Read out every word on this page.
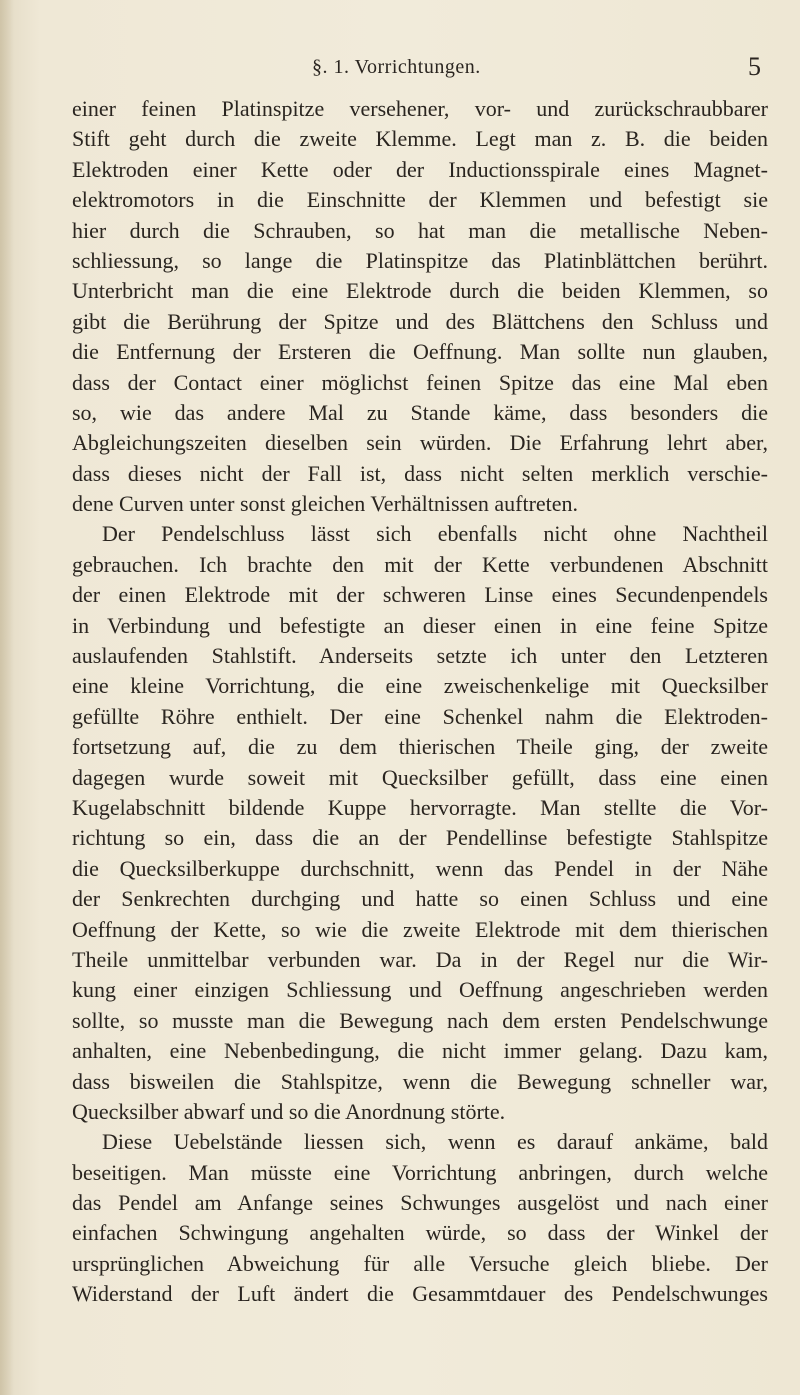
§. 1. Vorrichtungen.	5
einer feinen Platinspitze versehener, vor- und zurückschraubbarer
Stift geht durch die zweite Klemme. Legt man z. B. die beiden
Elektroden einer Kette oder der Inductionsspirale eines Magnet-
elektromotors in die Einschnitte der Klemmen und befestigt sie
hier durch die Schrauben, so hat man die metallische Neben-
schliessung, so lange die Platinspitze das Platinblättchen berührt.
Unterbricht man die eine Elektrode durch die beiden Klemmen, so
gibt die Berührung der Spitze und des Blättchens den Schluss und
die Entfernung der Ersteren die Oeffnung. Man sollte nun glauben,
dass der Contact einer möglichst feinen Spitze das eine Mal eben
so, wie das andere Mal zu Stande käme, dass besonders die
Abgleichungszeiten dieselben sein würden. Die Erfahrung lehrt aber,
dass dieses nicht der Fall ist, dass nicht selten merklich verschie-
dene Curven unter sonst gleichen Verhältnissen auftreten.
Der Pendelschluss lässt sich ebenfalls nicht ohne Nachtheil
gebrauchen. Ich brachte den mit der Kette verbundenen Abschnitt
der einen Elektrode mit der schweren Linse eines Secundenpendels
in Verbindung und befestigte an dieser einen in eine feine Spitze
auslaufenden Stahlstift. Anderseits setzte ich unter den Letzteren
eine kleine Vorrichtung, die eine zweischenkelige mit Quecksilber
gefüllte Röhre enthielt. Der eine Schenkel nahm die Elektroden-
fortsetzung auf, die zu dem thierischen Theile ging, der zweite
dagegen wurde soweit mit Quecksilber gefüllt, dass eine einen
Kugelabschnitt bildende Kuppe hervorragte. Man stellte die Vor-
richtung so ein, dass die an der Pendellinse befestigte Stahlspitze
die Quecksilberkuppe durchschnitt, wenn das Pendel in der Nähe
der Senkrechten durchging und hatte so einen Schluss und eine
Oeffnung der Kette, so wie die zweite Elektrode mit dem thierischen
Theile unmittelbar verbunden war. Da in der Regel nur die Wir-
kung einer einzigen Schliessung und Oeffnung angeschrieben werden
sollte, so musste man die Bewegung nach dem ersten Pendelschwunge
anhalten, eine Nebenbedingung, die nicht immer gelang. Dazu kam,
dass bisweilen die Stahlspitze, wenn die Bewegung schneller war,
Quecksilber abwarf und so die Anordnung störte.
Diese Uebelstände liessen sich, wenn es darauf ankäme, bald
beseitigen. Man müsste eine Vorrichtung anbringen, durch welche
das Pendel am Anfange seines Schwunges ausgelöst und nach einer
einfachen Schwingung angehalten würde, so dass der Winkel der
ursprünglichen Abweichung für alle Versuche gleich bliebe. Der
Widerstand der Luft ändert die Gesammtdauer des Pendelschwunges
